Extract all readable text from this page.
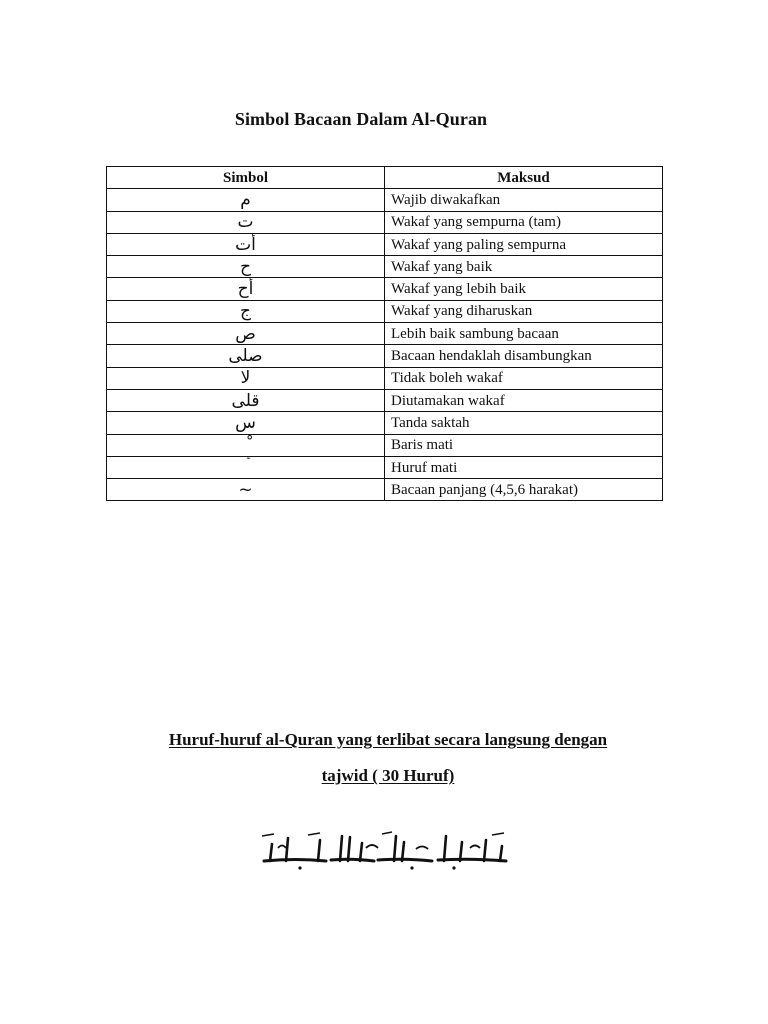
Simbol Bacaan Dalam Al-Quran
Simbol	Maksud
م	Wajib diwakafkan
ت	Wakaf yang sempurna (tam)
أت	Wakaf yang paling sempurna
ح	Wakaf yang baik
أح	Wakaf yang lebih baik
ج	Wakaf yang diharuskan
ص	Lebih baik sambung bacaan
صلى	Bacaan hendaklah disambungkan
لا	Tidak boleh wakaf
قلى	Diutamakan wakaf
س	Tanda saktah
	Baris mati
	Huruf mati
~	Bacaan panjang (4,5,6 harakat)
Huruf-huruf al-Quran yang terlibat secara langsung dengan
tajwid ( 30 Huruf)
